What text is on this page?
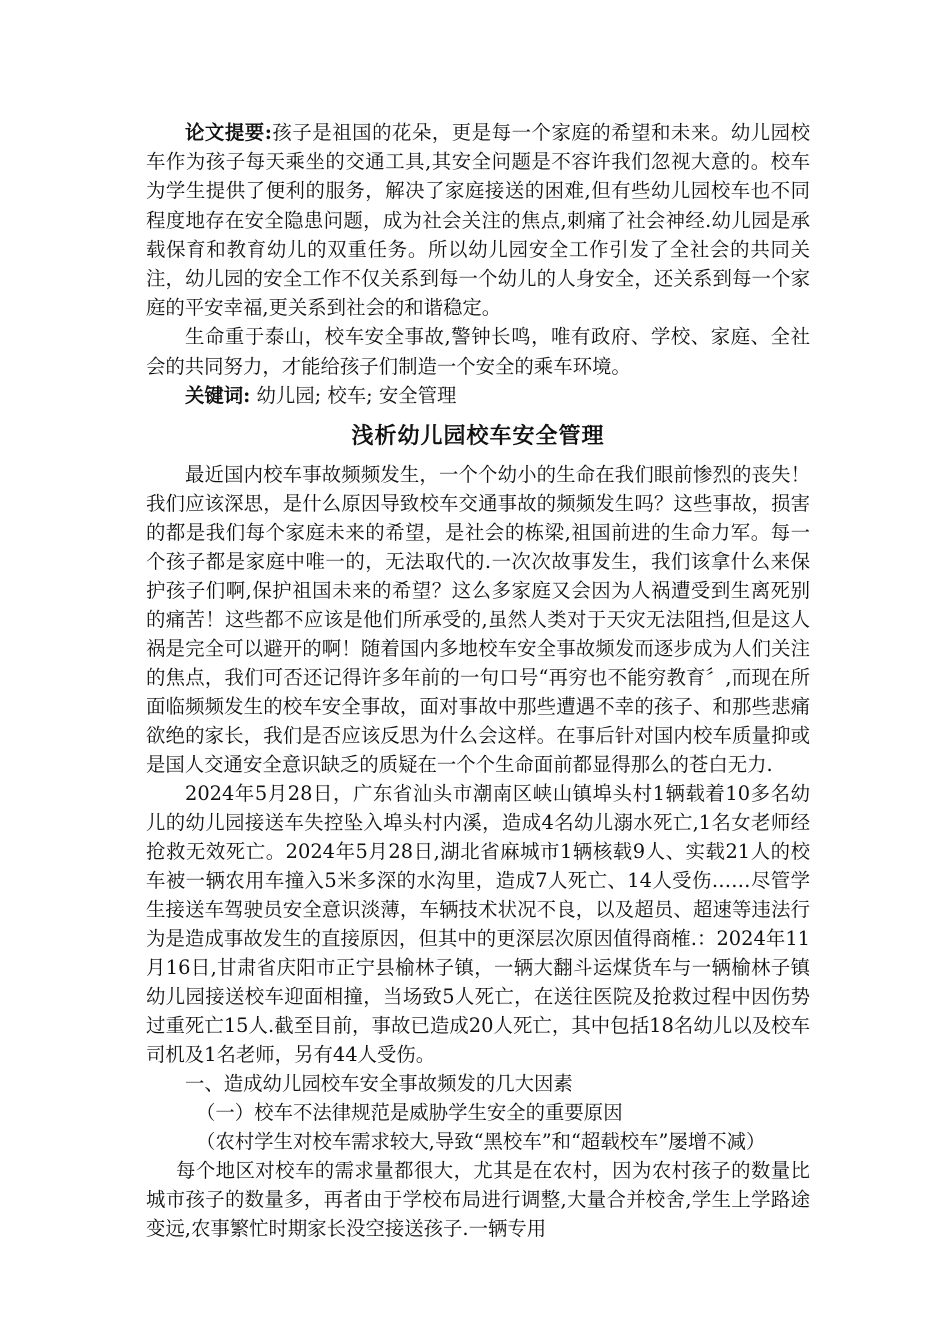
论文提要:孩子是祖国的花朵，更是每一个家庭的希望和未来。幼儿园校车作为孩子每天乘坐的交通工具,其安全问题是不容许我们忽视大意的。校车为学生提供了便利的服务，解决了家庭接送的困难,但有些幼儿园校车也不同程度地存在安全隐患问题，成为社会关注的焦点,刺痛了社会神经.幼儿园是承载保育和教育幼儿的双重任务。所以幼儿园安全工作引发了全社会的共同关注，幼儿园的安全工作不仅关系到每一个幼儿的人身安全，还关系到每一个家庭的平安幸福,更关系到社会的和谐稳定。

生命重于泰山，校车安全事故,警钟长鸣，唯有政府、学校、家庭、全社会的共同努力，才能给孩子们制造一个安全的乘车环境。

关键词: 幼儿园; 校车; 安全管理

浅析幼儿园校车安全管理

最近国内校车事故频频发生，一个个幼小的生命在我们眼前惨烈的丧失！我们应该深思，是什么原因导致校车交通事故的频频发生吗？这些事故，损害的都是我们每个家庭未来的希望，是社会的栋梁,祖国前进的生命力军。每一个孩子都是家庭中唯一的，无法取代的.一次次故事发生，我们该拿什么来保护孩子们啊,保护祖国未来的希望？这么多家庭又会因为人祸遭受到生离死别的痛苦！这些都不应该是他们所承受的,虽然人类对于天灾无法阻挡,但是这人祸是完全可以避开的啊！随着国内多地校车安全事故频发而逐步成为人们关注的焦点，我们可否还记得许多年前的一句口号“再穷也不能穷教育〞,而现在所面临频频发生的校车安全事故，面对事故中那些遭遇不幸的孩子、和那些悲痛欲绝的家长，我们是否应该反思为什么会这样。在事后针对国内校车质量抑或是国人交通安全意识缺乏的质疑在一个个生命面前都显得那么的苍白无力.

2024年5月28日，广东省汕头市潮南区峡山镇埠头村1辆载着10多名幼儿的幼儿园接送车失控坠入埠头村内溪，造成4名幼儿溺水死亡,1名女老师经抢救无效死亡。2024年5月28日,湖北省麻城市1辆核载9人、实载21人的校车被一辆农用车撞入5米多深的水沟里，造成7人死亡、14人受伤……尽管学生接送车驾驶员安全意识淡薄，车辆技术状况不良，以及超员、超速等违法行为是造成事故发生的直接原因，但其中的更深层次原因值得商榷.：2024年11月16日,甘肃省庆阳市正宁县榆林子镇，一辆大翻斗运煤货车与一辆榆林子镇幼儿园接送校车迎面相撞，当场致5人死亡，在送往医院及抢救过程中因伤势过重死亡15人.截至目前，事故已造成20人死亡，其中包括18名幼儿以及校车司机及1名老师，另有44人受伤。

一、造成幼儿园校车安全事故频发的几大因素

（一）校车不法律规范是威胁学生安全的重要原因

（农村学生对校车需求较大,导致“黑校车”和“超载校车”屡增不减）

每个地区对校车的需求量都很大，尤其是在农村，因为农村孩子的数量比城市孩子的数量多，再者由于学校布局进行调整,大量合并校舍,学生上学路途变远,农事繁忙时期家长没空接送孩子.一辆专用
